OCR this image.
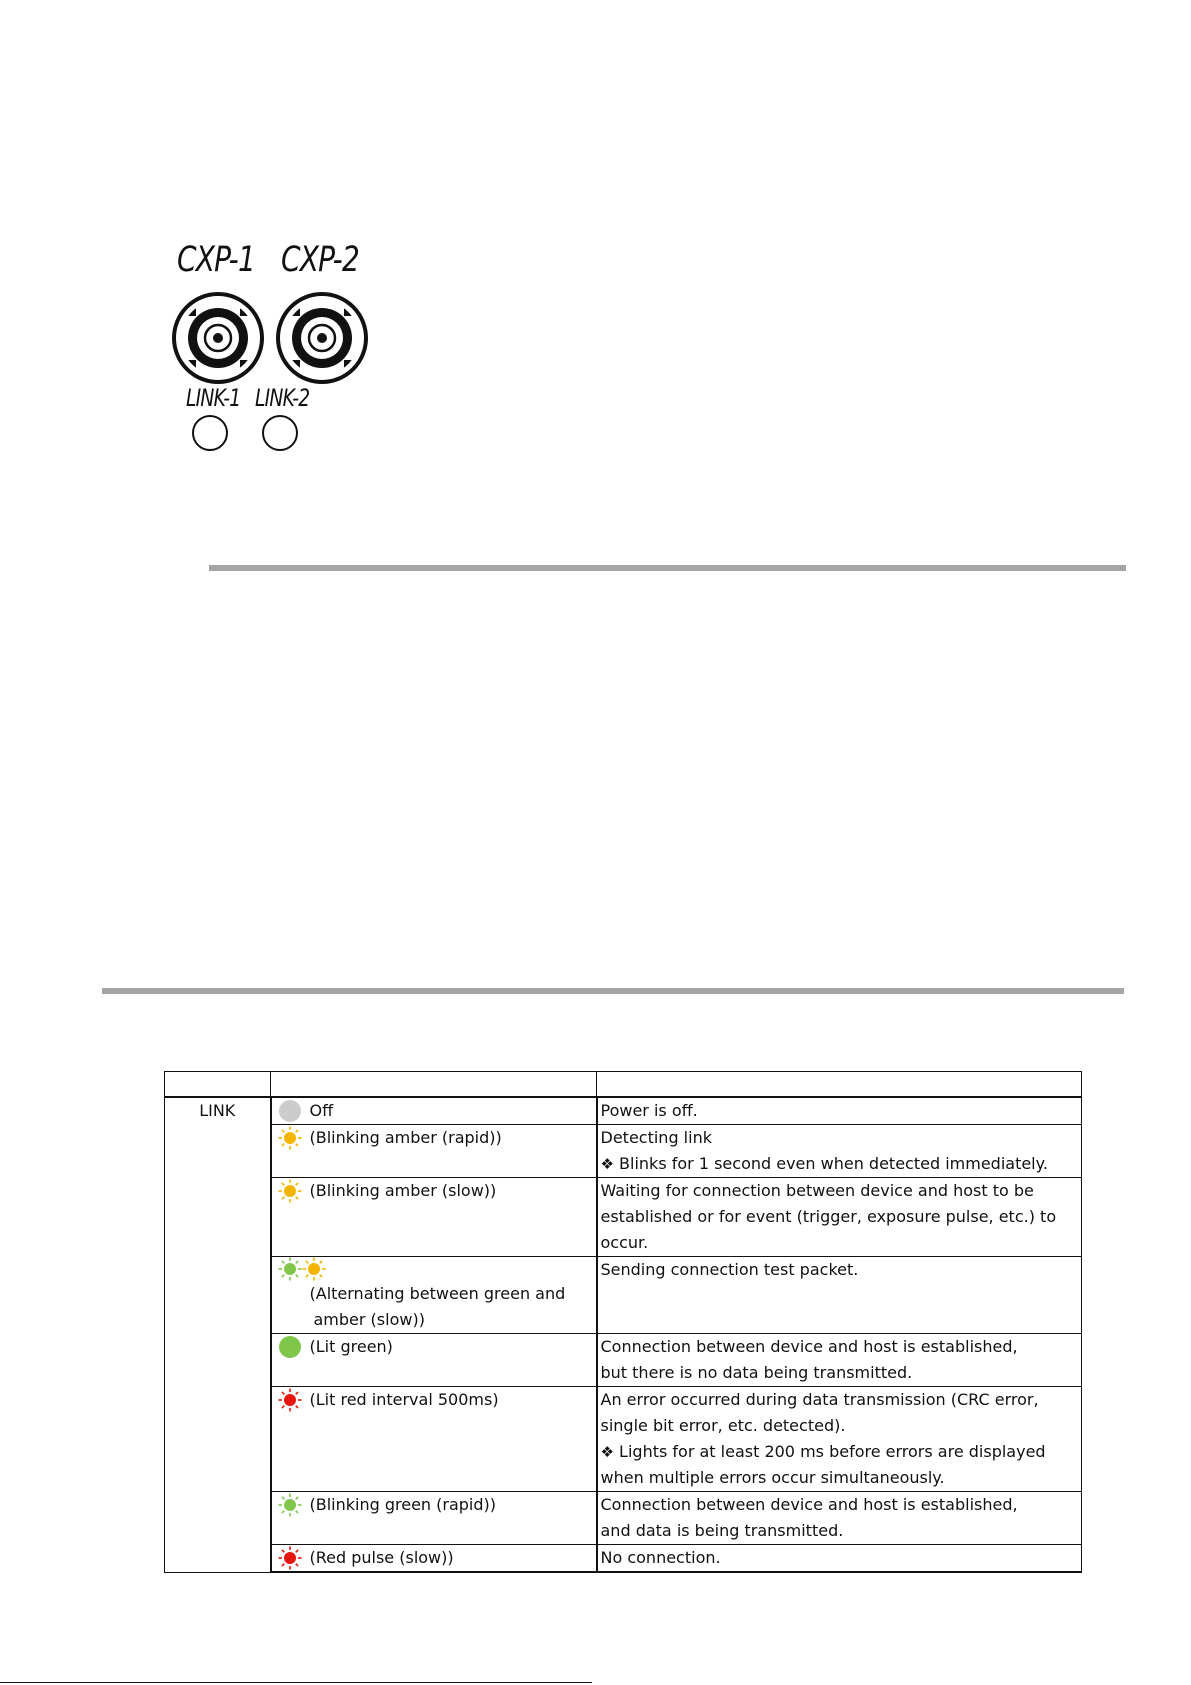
CXP-1 CXP-2
LINK-1 LINK-2

LINK	Off	Power is off.

	(Blinking amber (rapid))	Detecting link
❖ Blinks for 1 second even when detected immediately.

	(Blinking amber (slow))	Waiting for connection between device and host to be
established or for event (trigger, exposure pulse, etc.) to
occur.

	(Alternating between green and
amber (slow))	Sending connection test packet.

	(Lit green)	Connection between device and host is established,
but there is no data being transmitted.

	(Lit red interval 500ms)	An error occurred during data transmission (CRC error,
single bit error, etc. detected).
❖ Lights for at least 200 ms before errors are displayed
when multiple errors occur simultaneously.

	(Blinking green (rapid))	Connection between device and host is established,
and data is being transmitted.

	(Red pulse (slow))	No connection.
